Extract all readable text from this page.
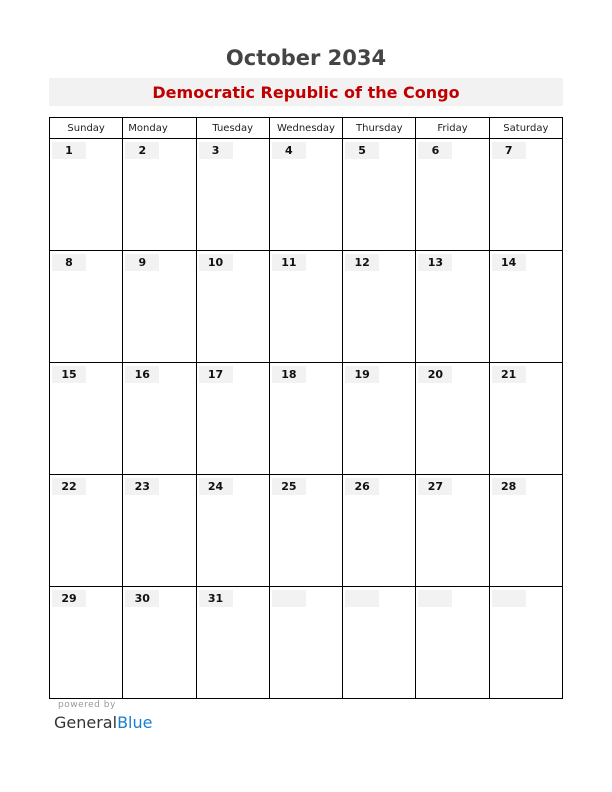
October 2034
Democratic Republic of the Congo
Sunday	Monday	Tuesday	Wednesday	Thursday	Friday	Saturday

1	2	3	4	5	6	7

8	9	10	11	12	13	14

15	16	17	18	19	20	21

22	23	24	25	26	27	28

29	30	31				

powered by
GeneralBlue
